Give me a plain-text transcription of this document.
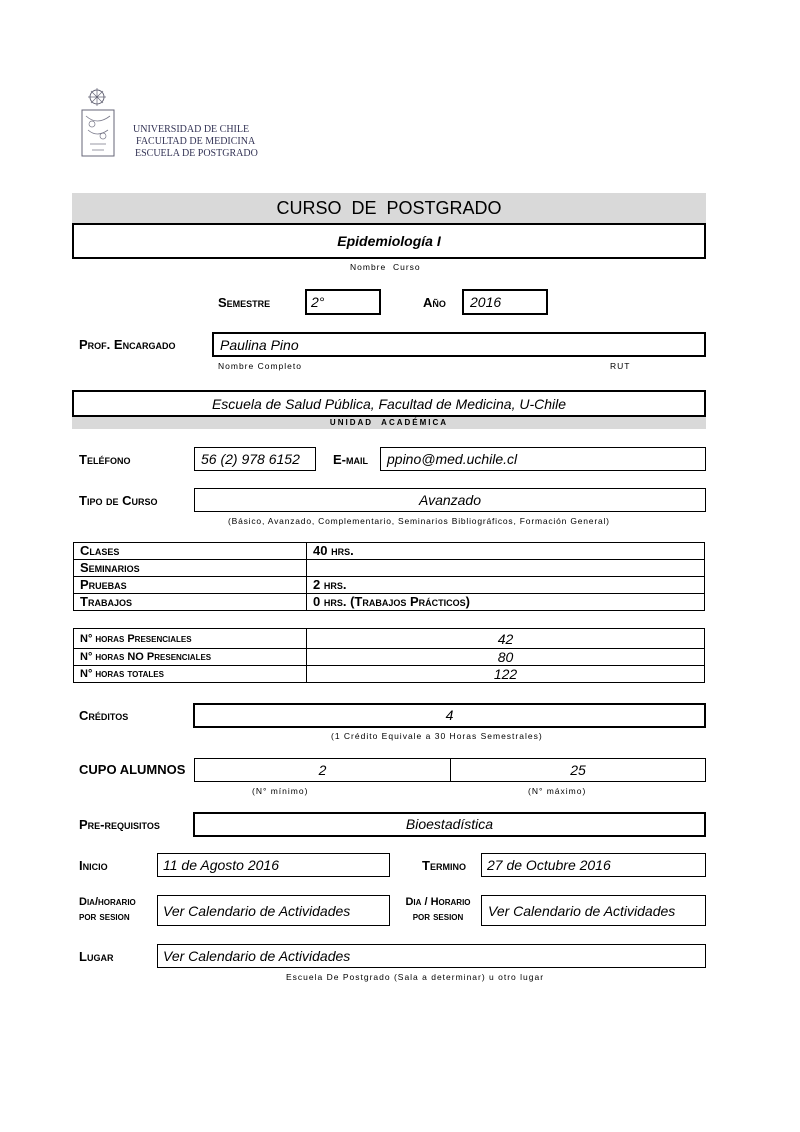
UNIVERSIDAD DE CHILE
FACULTAD DE MEDICINA
ESCUELA DE POSTGRADO
CURSO  DE  POSTGRADO
Epidemiología I
Nombre  Curso
Semestre	2°	Año 2016
Prof. Encargado	Paulina Pino
Nombre Completo	RUT
Escuela de Salud Pública, Facultad de Medicina, U-Chile
UNIDAD  ACADÉMICA
Teléfono	56 (2) 978 6152	E-mail ppino@med.uchile.cl
Tipo de Curso	Avanzado
(Básico, Avanzado, Complementario, Seminarios Bibliográficos, Formación General)
Clases	40 hrs.
Seminarios	
Pruebas	2 hrs.
Trabajos	0 hrs. (Trabajos Prácticos)
N° horas Presenciales	42
N° horas NO Presenciales	80
N° horas totales	122
Créditos	4
(1 Crédito Equivale a 30 Horas Semestrales)
CUPO ALUMNOS	2	25
(N° mínimo)	(N° máximo)
Pre-requisitos	Bioestadística
Inicio	11 de Agosto 2016	Termino 27 de Octubre 2016
Dia/horario
por sesion	Ver Calendario de Actividades
Dia / Horario
por sesion	Ver Calendario de Actividades
Lugar	Ver Calendario de Actividades
Escuela De Postgrado (Sala a determinar) u otro lugar
